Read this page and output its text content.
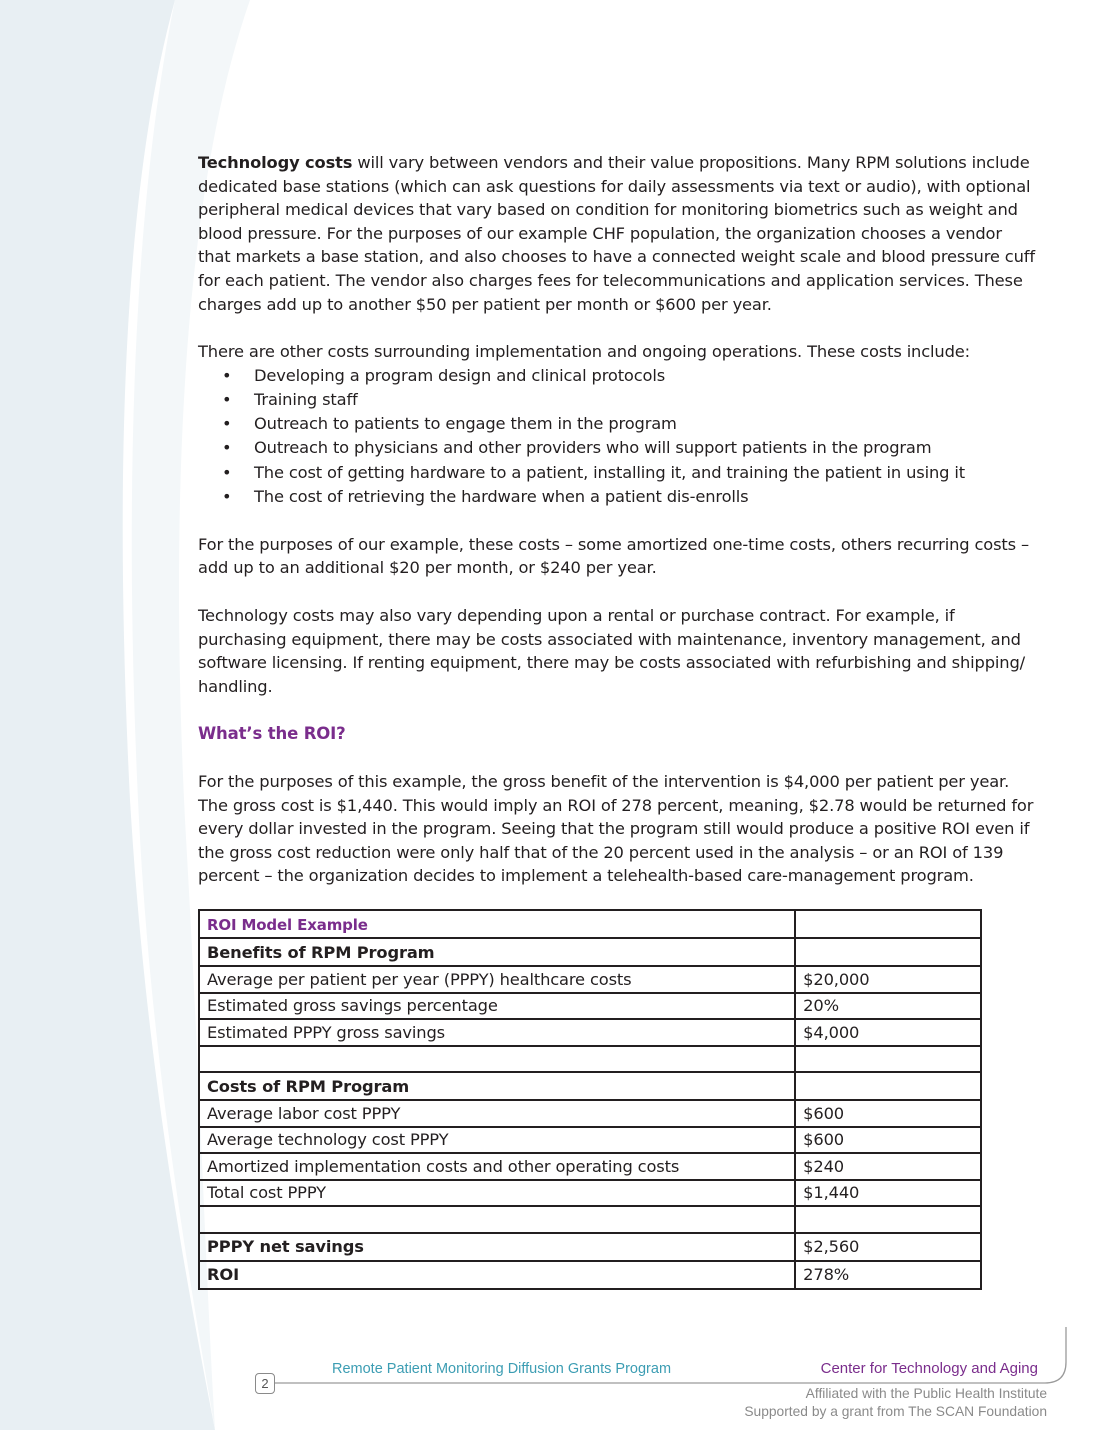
Technology costs will vary between vendors and their value propositions. Many RPM solutions include dedicated base stations (which can ask questions for daily assessments via text or audio), with optional peripheral medical devices that vary based on condition for monitoring biometrics such as weight and blood pressure. For the purposes of our example CHF population, the organization chooses a vendor that markets a base station, and also chooses to have a connected weight scale and blood pressure cuff for each patient. The vendor also charges fees for telecommunications and application services. These charges add up to another $50 per patient per month or $600 per year.

There are other costs surrounding implementation and ongoing operations. These costs include:

• Developing a program design and clinical protocols
• Training staff
• Outreach to patients to engage them in the program
• Outreach to physicians and other providers who will support patients in the program
• The cost of getting hardware to a patient, installing it, and training the patient in using it
• The cost of retrieving the hardware when a patient dis-enrolls

For the purposes of our example, these costs – some amortized one-time costs, others recurring costs – add up to an additional $20 per month, or $240 per year.

Technology costs may also vary depending upon a rental or purchase contract. For example, if purchasing equipment, there may be costs associated with maintenance, inventory management, and software licensing. If renting equipment, there may be costs associated with refurbishing and shipping/ handling.

What’s the ROI?

For the purposes of this example, the gross benefit of the intervention is $4,000 per patient per year. The gross cost is $1,440. This would imply an ROI of 278 percent, meaning, $2.78 would be returned for every dollar invested in the program. Seeing that the program still would produce a positive ROI even if the gross cost reduction were only half that of the 20 percent used in the analysis – or an ROI of 139 percent – the organization decides to implement a telehealth-based care-management program.

ROI Model Example	
Benefits of RPM Program	
Average per patient per year (PPPY) healthcare costs	$20,000
Estimated gross savings percentage	20%
Estimated PPPY gross savings	$4,000

Costs of RPM Program	
Average labor cost PPPY	$600
Average technology cost PPPY	$600
Amortized implementation costs and other operating costs	$240
Total cost PPPY	$1,440

PPPY net savings	$2,560
ROI	278%
2
Remote Patient Monitoring Diffusion Grants Program	Center for Technology and Aging
Affiliated with the Public Health Institute
Supported by a grant from The SCAN Foundation
